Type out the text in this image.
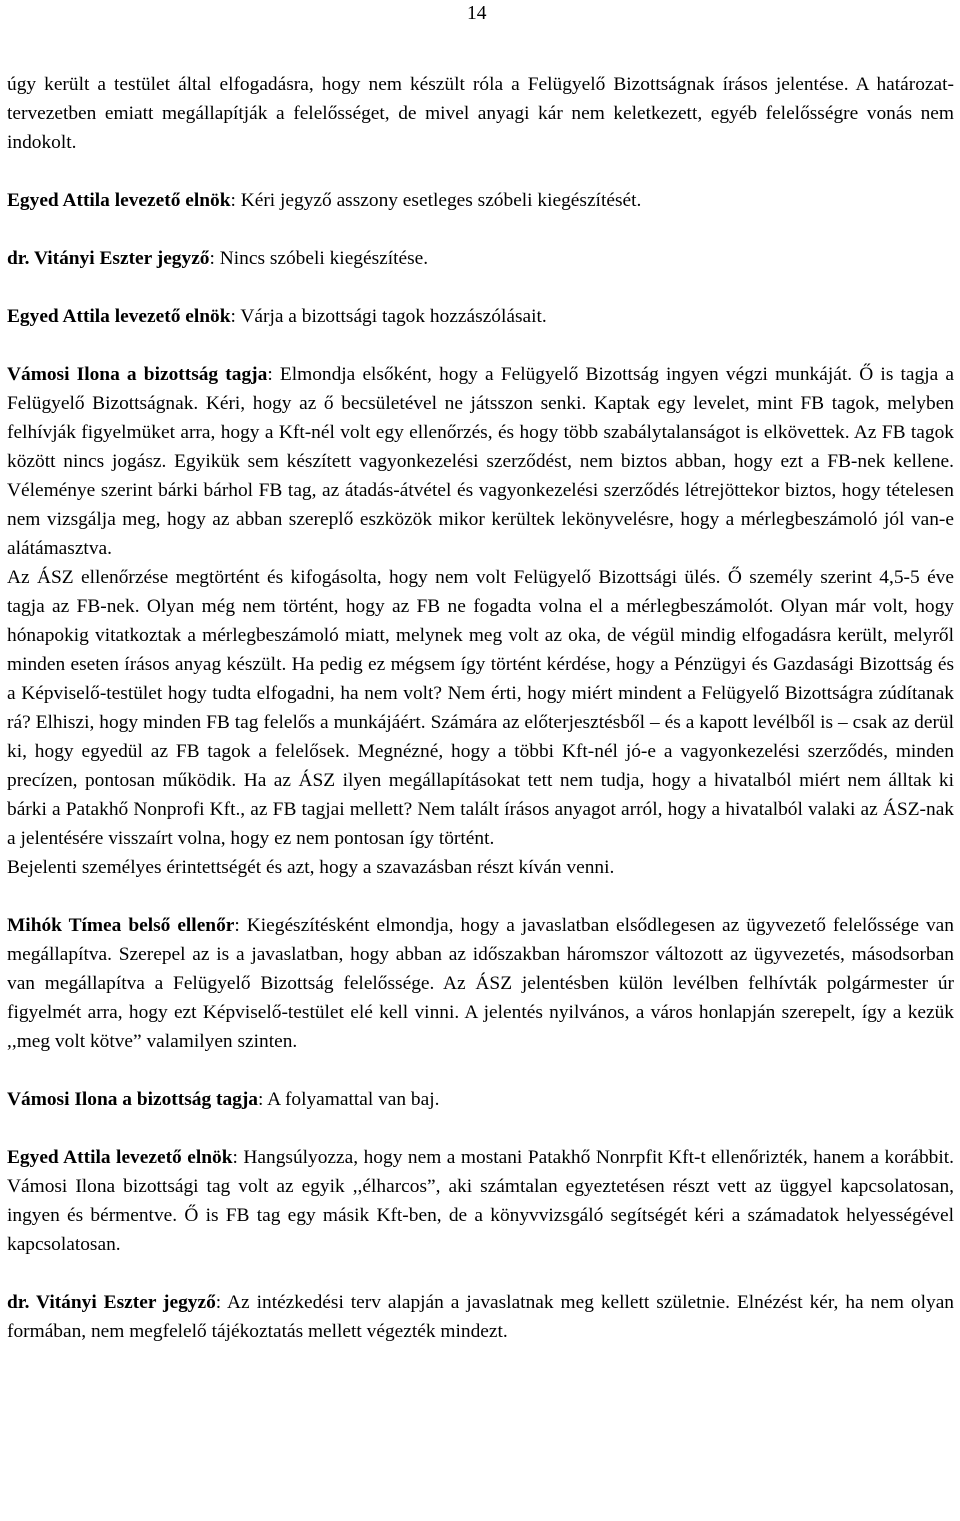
14

úgy került a testület által elfogadásra, hogy nem készült róla a Felügyelő Bizottságnak írásos jelentése. A határozat-tervezetben emiatt megállapítják a felelősséget, de mivel anyagi kár nem keletkezett, egyéb felelősségre vonás nem indokolt.

Egyed Attila levezető elnök: Kéri jegyző asszony esetleges szóbeli kiegészítését.

dr. Vitányi Eszter jegyző: Nincs szóbeli kiegészítése.

Egyed Attila levezető elnök: Várja a bizottsági tagok hozzászólásait.

Vámosi Ilona a bizottság tagja: Elmondja elsőként, hogy a Felügyelő Bizottság ingyen végzi munkáját. Ő is tagja a Felügyelő Bizottságnak. Kéri, hogy az ő becsületével ne játsszon senki. Kaptak egy levelet, mint FB tagok, melyben felhívják figyelmüket arra, hogy a Kft-nél volt egy ellenőrzés, és hogy több szabálytalanságot is elkövettek. Az FB tagok között nincs jogász. Egyikük sem készített vagyonkezelési szerződést, nem biztos abban, hogy ezt a FB-nek kellene. Véleménye szerint bárki bárhol FB tag, az átadás-átvétel és vagyonkezelési szerződés létrejöttekor biztos, hogy tételesen nem vizsgálja meg, hogy az abban szereplő eszközök mikor kerültek lekönyvelésre, hogy a mérlegbeszámoló jól van-e alátámasztva.

Az ÁSZ ellenőrzése megtörtént és kifogásolta, hogy nem volt Felügyelő Bizottsági ülés. Ő személy szerint 4,5-5 éve tagja az FB-nek. Olyan még nem történt, hogy az FB ne fogadta volna el a mérlegbeszámolót. Olyan már volt, hogy hónapokig vitatkoztak a mérlegbeszámoló miatt, melynek meg volt az oka, de végül mindig elfogadásra került, melyről minden eseten írásos anyag készült. Ha pedig ez mégsem így történt kérdése, hogy a Pénzügyi és Gazdasági Bizottság és a Képviselő-testület hogy tudta elfogadni, ha nem volt? Nem érti, hogy miért mindent a Felügyelő Bizottságra zúdítanak rá? Elhiszi, hogy minden FB tag felelős a munkájáért. Számára az előterjesztésből – és a kapott levélből is – csak az derül ki, hogy egyedül az FB tagok a felelősek. Megnézné, hogy a többi Kft-nél jó-e a vagyonkezelési szerződés, minden precízen, pontosan működik. Ha az ÁSZ ilyen megállapításokat tett nem tudja, hogy a hivatalból miért nem álltak ki bárki a Patakhő Nonprofi Kft., az FB tagjai mellett? Nem talált írásos anyagot arról, hogy a hivatalból valaki az ÁSZ-nak a jelentésére visszaírt volna, hogy ez nem pontosan így történt.

Bejelenti személyes érintettségét és azt, hogy a szavazásban részt kíván venni.

Mihók Tímea belső ellenőr: Kiegészítésként elmondja, hogy a javaslatban elsődlegesen az ügyvezető felelőssége van megállapítva. Szerepel az is a javaslatban, hogy abban az időszakban háromszor változott az ügyvezetés, másodsorban van megállapítva a Felügyelő Bizottság felelőssége. Az ÁSZ jelentésben külön levélben felhívták polgármester úr figyelmét arra, hogy ezt Képviselő-testület elé kell vinni. A jelentés nyilvános, a város honlapján szerepelt, így a kezük ,,meg volt kötve” valamilyen szinten.

Vámosi Ilona a bizottság tagja: A folyamattal van baj.

Egyed Attila levezető elnök: Hangsúlyozza, hogy nem a mostani Patakhő Nonrpfit Kft-t ellenőrizték, hanem a korábbit. Vámosi Ilona bizottsági tag volt az egyik ,,élharcos”, aki számtalan egyeztetésen részt vett az üggyel kapcsolatosan, ingyen és bérmentve. Ő is FB tag egy másik Kft-ben, de a könyvvizsgáló segítségét kéri a számadatok helyességével kapcsolatosan.

dr. Vitányi Eszter jegyző: Az intézkedési terv alapján a javaslatnak meg kellett születnie. Elnézést kér, ha nem olyan formában, nem megfelelő tájékoztatás mellett végezték mindezt.
